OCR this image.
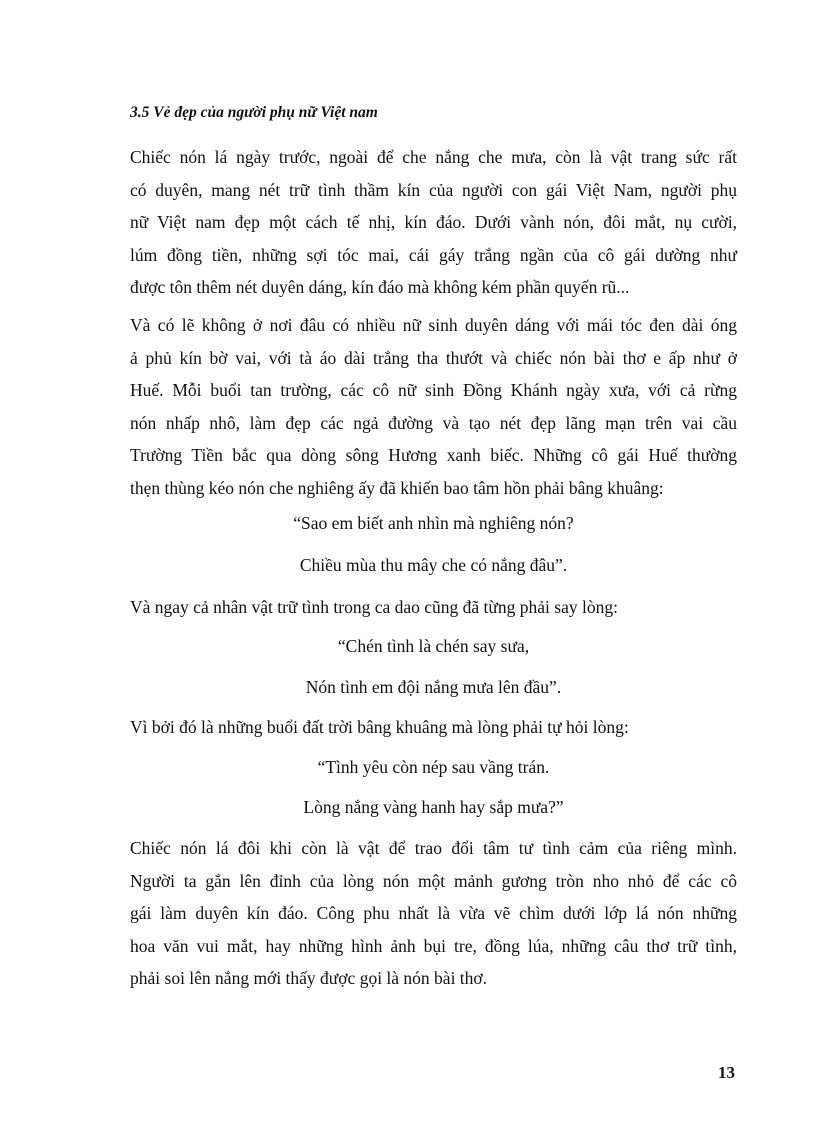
3.5 Vẻ đẹp của người phụ nữ Việt nam

Chiếc nón lá ngày trước, ngoài để che nắng che mưa, còn là vật trang sức rất
có duyên, mang nét trữ tình thầm kín của người con gái Việt Nam, người phụ
nữ Việt nam đẹp một cách tế nhị, kín đáo. Dưới vành nón, đôi mắt, nụ cười,
lúm đồng tiền, những sợi tóc mai, cái gáy trắng ngần của cô gái dường như
được tôn thêm nét duyên dáng, kín đáo mà không kém phần quyến rũ...

Và có lẽ không ở nơi đâu có nhiều nữ sinh duyên dáng với mái tóc đen dài óng
ả phủ kín bờ vai, với tà áo dài trắng tha thướt và chiếc nón bài thơ e ấp như ở
Huế. Mỗi buổi tan trường, các cô nữ sinh Đồng Khánh ngày xưa, với cả rừng
nón nhấp nhô, làm đẹp các ngả đường và tạo nét đẹp lãng mạn trên vai cầu
Trường Tiền bắc qua dòng sông Hương xanh biếc. Những cô gái Huế thường
thẹn thùng kéo nón che nghiêng ấy đã khiến bao tâm hồn phải bâng khuâng:

“Sao em biết anh nhìn mà nghiêng nón?

Chiều mùa thu mây che có nắng đâu”.

Và ngay cả nhân vật trữ tình trong ca dao cũng đã từng phải say lòng:

“Chén tình là chén say sưa,

Nón tình em đội nắng mưa lên đầu”.

Vì bởi đó là những buổi đất trời bâng khuâng mà lòng phải tự hỏi lòng:

“Tình yêu còn nép sau vầng trán.

Lòng nắng vàng hanh hay sắp mưa?”

Chiếc nón lá đôi khi còn là vật để trao đổi tâm tư tình cảm của riêng mình.
Người ta gắn lên đỉnh của lòng nón một mảnh gương tròn nho nhỏ để các cô
gái làm duyên kín đáo. Công phu nhất là vừa vẽ chìm dưới lớp lá nón những
hoa văn vui mắt, hay những hình ảnh bụi tre, đồng lúa, những câu thơ trữ tình,
phải soi lên nắng mới thấy được gọi là nón bài thơ.

13
